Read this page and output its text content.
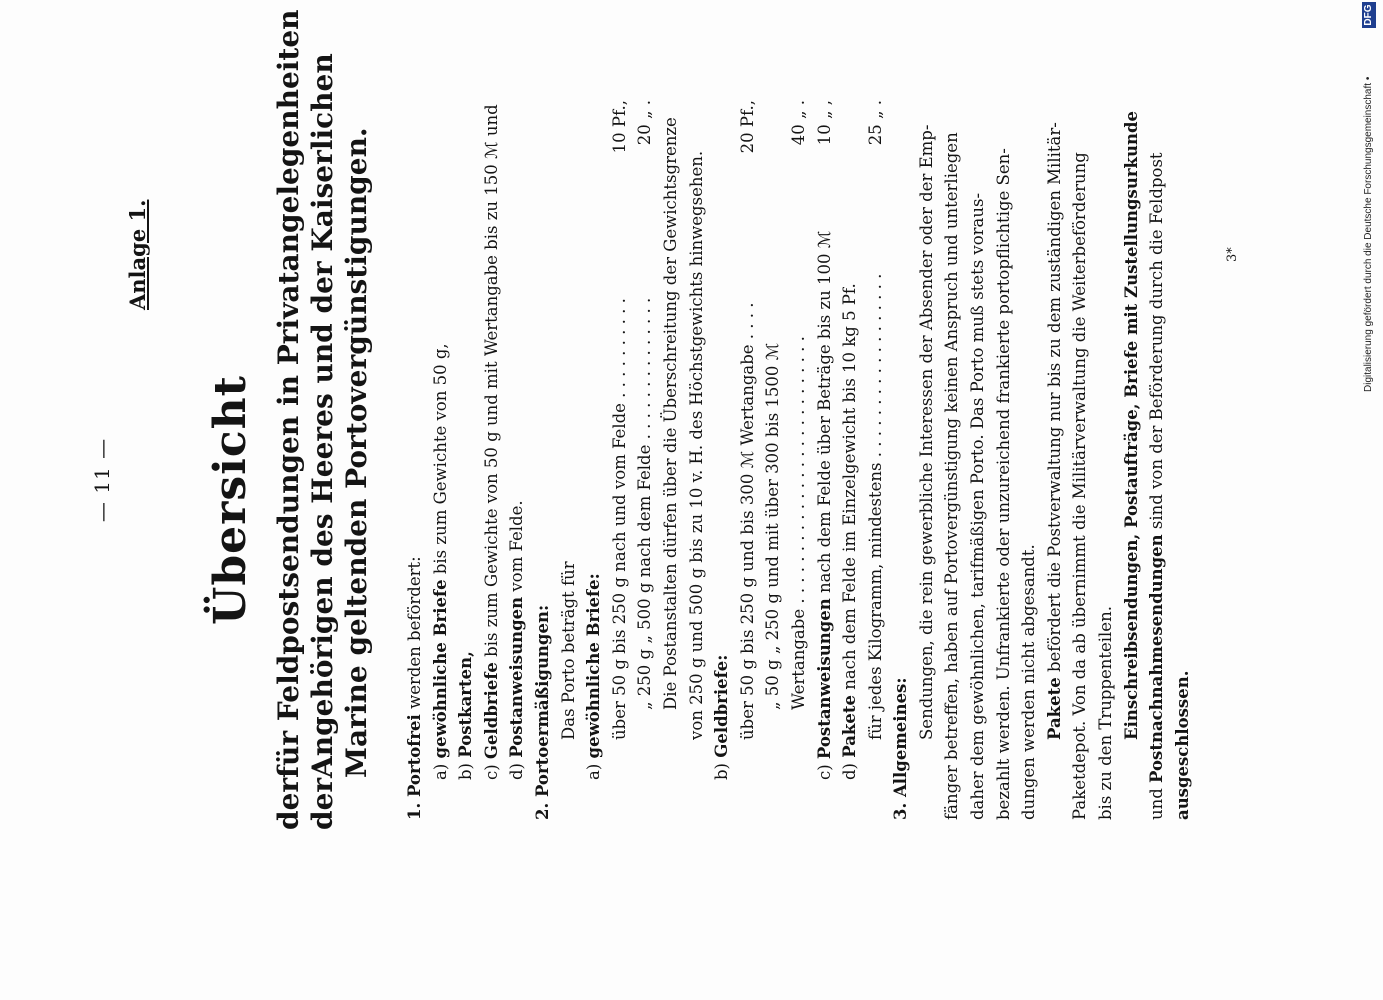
— 11 —
Anlage 1.
Übersicht
derfür Feldpostsendungen in Privatangelegenheiten
derAngehörigen des Heeres und der Kaiserlichen Marine geltenden Portovergünstigungen. 1. Portofrei werden befördert:
a) gewöhnliche Briefe bis zum Gewichte von 50 g,
b) Postkarten,
c) Geldbriefe bis zum Gewichte von 50 g und mit Wertangabe bis zu 150 ℳ und
d) Postanweisungen vom Felde.
2. Portoermäßigungen: Das Porto beträgt für
a) gewöhnliche Briefe: über 50 g bis 250 g nach und vom Felde . . . . . . . . . .
10 Pf.,
„ 250 g „ 500 g nach dem Felde . . . . . . . . . . . . . .
20 „ . Die Postanstalten dürfen über die Überschreitung der Gewichtsgrenze von 250 g und 500 g bis zu 10 v. H. des Höchstgewichts hinwegsehen.
b) Geldbriefe: über 50 g bis 250 g und bis 300 ℳ Wertangabe . . . .
20 Pf.,
„ 50 g „ 250 g und mit über 300 bis 1500 ℳ Wertangabe . . . . . . . . . . . . . . . . . . . . . . . . . .
40 „ .
c) Postanweisungen nach dem Felde über Beträge bis zu 100 ℳ
10 „ ,
d) Pakete nach dem Felde im Einzelgewicht bis 10 kg 5 Pf. für jedes Kilogramm, mindestens . . . . . . . . . . . . . . . . . .
25 „ .
3. Allgemeines:
Sendungen, die rein gewerbliche Interessen der Absender oder der Emp- fänger betreffen, haben auf Portovergünstigung keinen Anspruch und unterliegen daher dem gewöhnlichen, tarifmäßigen Porto. Das Porto muß stets voraus- bezahlt werden. Unfrankierte oder unzureichend frankierte portopflichtige Sen- dungen werden nicht abgesandt. Pakete befördert die Postverwaltung nur bis zu dem zuständigen Militär- Paketdepot. Von da ab übernimmt die Militärverwaltung die Weiterbeförderung bis zu den Truppenteilen. Einschreibsendungen, Postaufträge, Briefe mit Zustellungsurkunde
und Postnachnahmesendungen sind von der Beförderung durch die Feldpost
ausgeschlossen.
3*	Digitalisierung gefördert durch die Deutsche Forschungsgemeinschaft •
DFG
